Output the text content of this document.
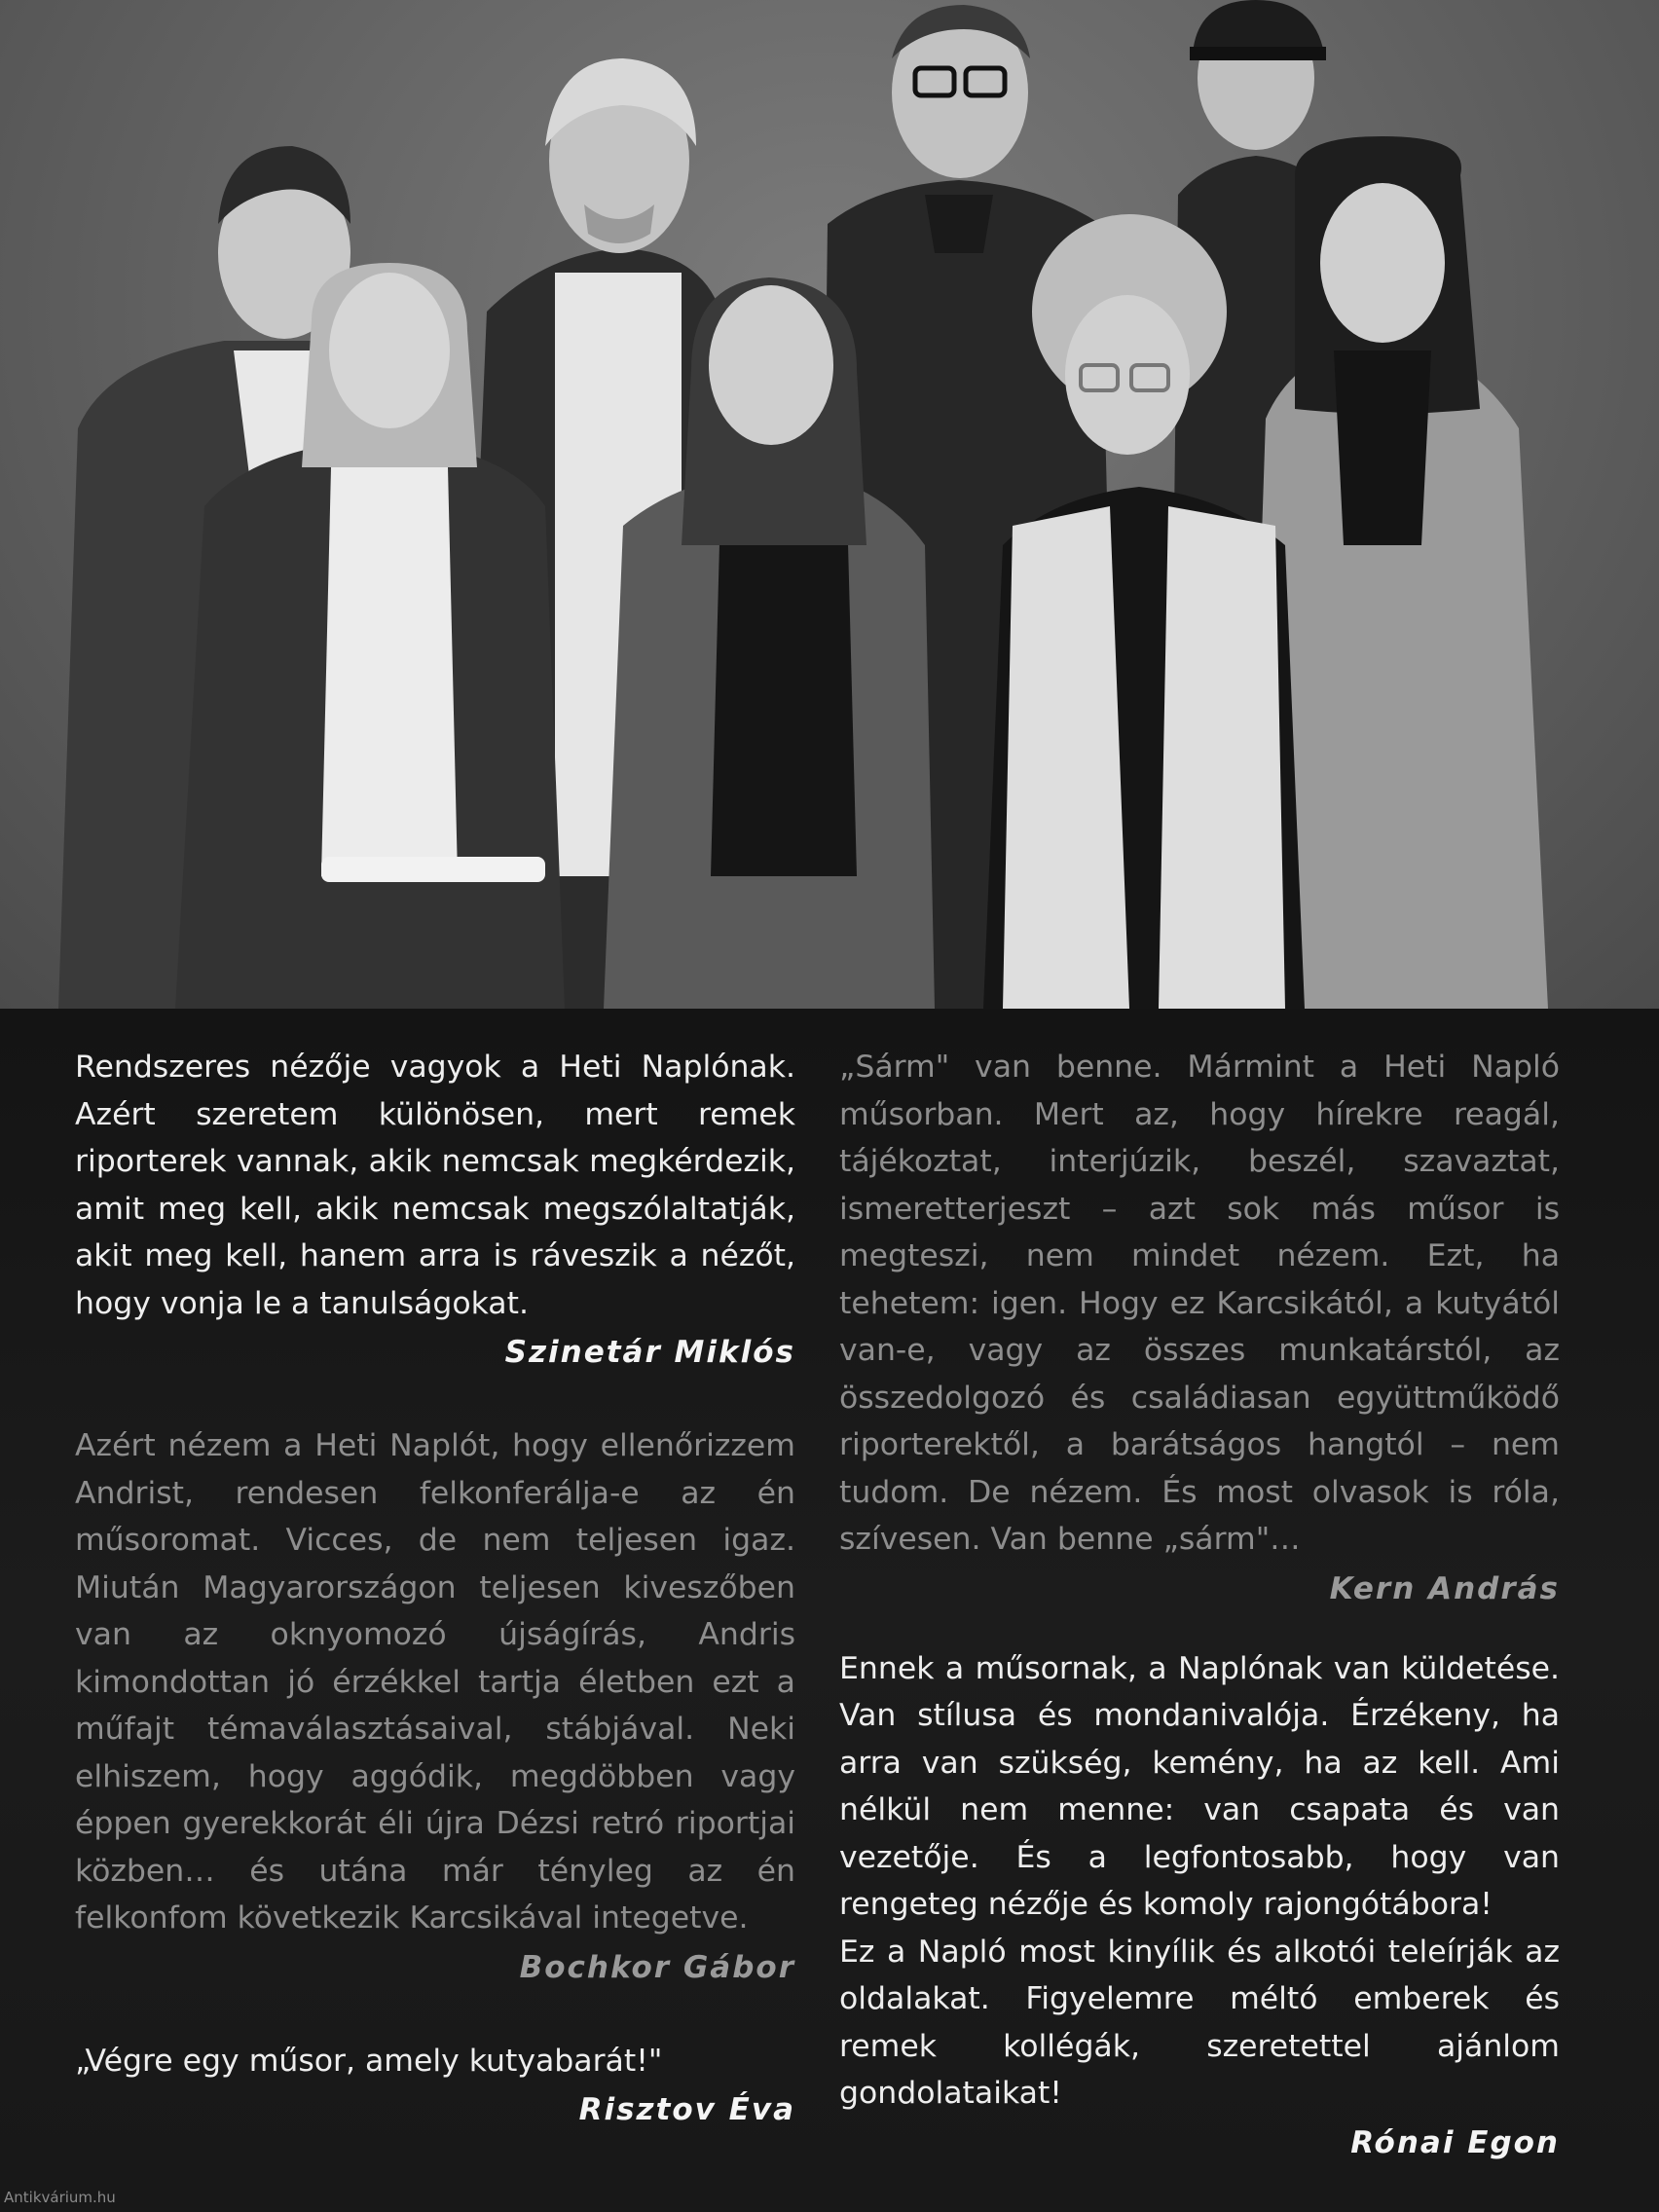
Rendszeres nézője vagyok a Heti Naplónak. Azért szeretem különösen, mert remek riporterek vannak, akik nemcsak megkérdezik, amit meg kell, akik nemcsak megszólaltatják, akit meg kell, hanem arra is ráveszik a nézőt, hogy vonja le a tanulságokat.

Szinetár Miklós

Azért nézem a Heti Naplót, hogy ellenőrizzem Andrist, rendesen felkonferálja-e az én műsoromat. Vicces, de nem teljesen igaz. Miután Magyarországon teljesen kiveszőben van az oknyomozó újságírás, Andris kimondottan jó érzékkel tartja életben ezt a műfajt témaválasztásaival, stábjával. Neki elhiszem, hogy aggódik, megdöbben vagy éppen gyerekkorát éli újra Dézsi retró riportjai közben… és utána már tényleg az én felkonfom következik Karcsikával integetve.

Bochkor Gábor

„Végre egy műsor, amely kutyabarát!"

Risztov Éva

„Sárm" van benne. Mármint a Heti Napló műsorban. Mert az, hogy hírekre reagál, tájékoztat, interjúzik, beszél, szavaztat, ismeretterjeszt – azt sok más műsor is megteszi, nem mindet nézem. Ezt, ha tehetem: igen. Hogy ez Karcsikától, a kutyától van-e, vagy az összes munkatárstól, az összedolgozó és családiasan együttműködő riporterektől, a barátságos hangtól – nem tudom. De nézem. És most olvasok is róla, szívesen. Van benne „sárm"…

Kern András

Ennek a műsornak, a Naplónak van küldetése. Van stílusa és mondanivalója. Érzékeny, ha arra van szükség, kemény, ha az kell. Ami nélkül nem menne: van csapata és van vezetője. És a legfontosabb, hogy van rengeteg nézője és komoly rajongótábora!

Ez a Napló most kinyílik és alkotói teleírják az oldalakat. Figyelemre méltó emberek és remek kollégák, szeretettel ajánlom gondolataikat!

Rónai Egon
Antikvárium.hu
